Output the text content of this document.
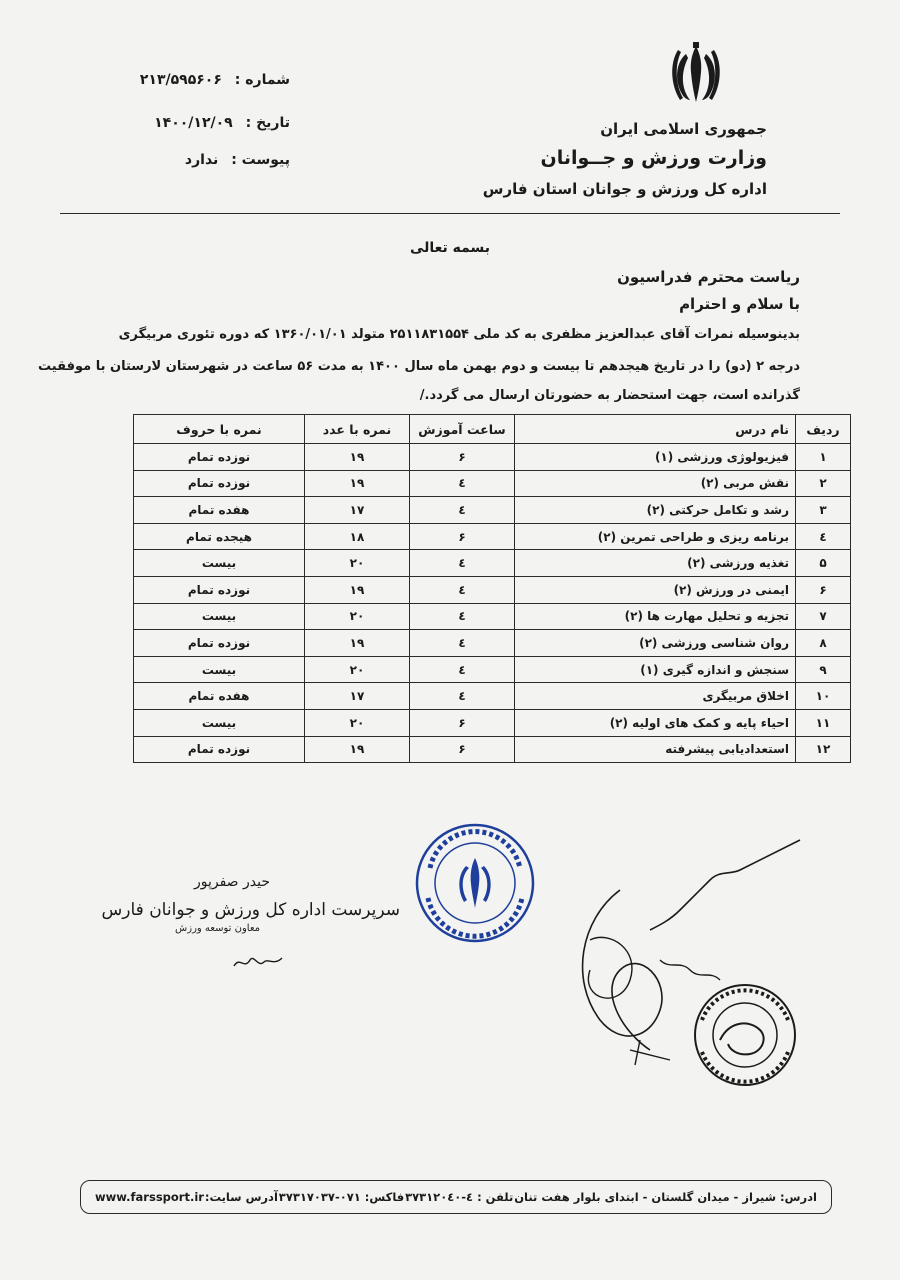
جمهوری اسلامی ایران
وزارت ورزش و جــوانان
اداره کل ورزش و جوانان استان فارس
شماره : ۲۱۳/۵۹۵۶۰۶
تاریخ : ۱۴۰۰/۱۲/۰۹
پیوست : ندارد
بسمه تعالی
ریاست محترم فدراسیون
با سلام و احترام
بدینوسیله نمرات آقای عبدالعزیز مظفری به کد ملی ۲۵۱۱۸۳۱۵۵۴ متولد ۱۳۶۰/۰۱/۰۱ که دوره تئوری مربیگری
درجه ۲ (دو) را در تاریخ هیجدهم تا بیست و دوم بهمن ماه سال ۱۴۰۰ به مدت ۵۶ ساعت در شهرستان لارستان با موفقیت
گذرانده است، جهت استحضار به حضورتان ارسال می گردد./
ردیف	نام درس	ساعت آموزش	نمره با عدد	نمره با حروف
۱	فیزیولوژی ورزشی (۱)	۶	۱۹	نوزده تمام
۲	نقش مربی (۲)	٤	۱۹	نوزده تمام
۳	رشد و تکامل حرکتی (۲)	٤	۱۷	هفده تمام
٤	برنامه ریزی و طراحی تمرین (۲)	۶	۱۸	هیجده تمام
۵	تغذیه ورزشی (۲)	٤	۲۰	بیست
۶	ایمنی در ورزش (۲)	٤	۱۹	نوزده تمام
۷	تجزیه و تحلیل مهارت ها (۲)	٤	۲۰	بیست
۸	روان شناسی ورزشی (۲)	٤	۱۹	نوزده تمام
۹	سنجش و اندازه گیری (۱)	٤	۲۰	بیست
۱۰	اخلاق مربیگری	٤	۱۷	هفده تمام
۱۱	احیاء پایه و کمک های اولیه (۲)	۶	۲۰	بیست
۱۲	استعدادیابی پیشرفته	۶	۱۹	نوزده تمام
حیدر صفرپور
سرپرست اداره کل ورزش و جوانان فارس
معاون توسعه ورزش
ادرس: شیراز - میدان گلستان - ابتدای بلوار هفت تنان
تلفن : ٤-۳۷۳۱۲۰٤۰
فاکس: ۰۷۱-۳۷۳۱۷۰۳۷
آدرس سایت:
www.farssport.ir
